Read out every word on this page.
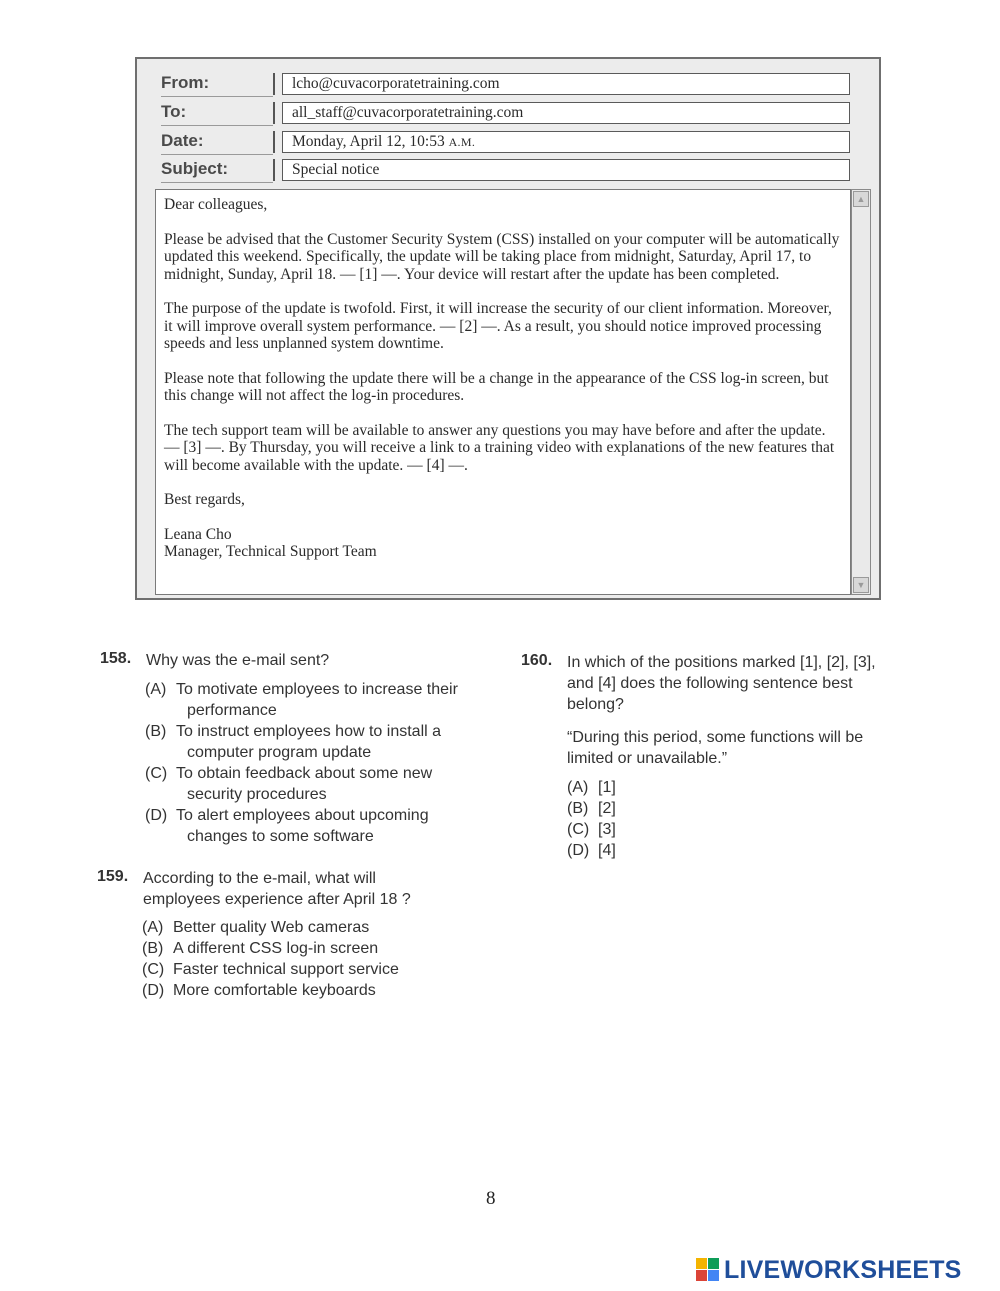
From:	lcho@cuvacorporatetraining.com
To:	all_staff@cuvacorporatetraining.com
Date:	Monday, April 12, 10:53 A.M.
Subject:	Special notice

Dear colleagues,

Please be advised that the Customer Security System (CSS) installed on your computer will be automatically updated this weekend. Specifically, the update will be taking place from midnight, Saturday, April 17, to midnight, Sunday, April 18. — [1] —. Your device will restart after the update has been completed.

The purpose of the update is twofold. First, it will increase the security of our client information. Moreover, it will improve overall system performance. — [2] —. As a result, you should notice improved processing speeds and less unplanned system downtime.

Please note that following the update there will be a change in the appearance of the CSS log-in screen, but this change will not affect the log-in procedures.

The tech support team will be available to answer any questions you may have before and after the update. — [3] —. By Thursday, you will receive a link to a training video with explanations of the new features that will become available with the update. — [4] —.

Best regards,

Leana Cho

Manager, Technical Support Team

▲
▼
158. Why was the e-mail sent?
(A) To motivate employees to increase their
performance
(B) To instruct employees how to install a
computer program update
(C) To obtain feedback about some new
security procedures
(D) To alert employees about upcoming
changes to some software
159. According to the e-mail, what will
employees experience after April 18 ?
(A) Better quality Web cameras
(B) A different CSS log-in screen
(C) Faster technical support service
(D) More comfortable keyboards
160. In which of the positions marked [1], [2], [3],
and [4] does the following sentence best
belong?
“During this period, some functions will be
limited or unavailable.”
(A) [1]
(B) [2]
(C) [3]
(D) [4]
8
LIVEWORKSHEETS
